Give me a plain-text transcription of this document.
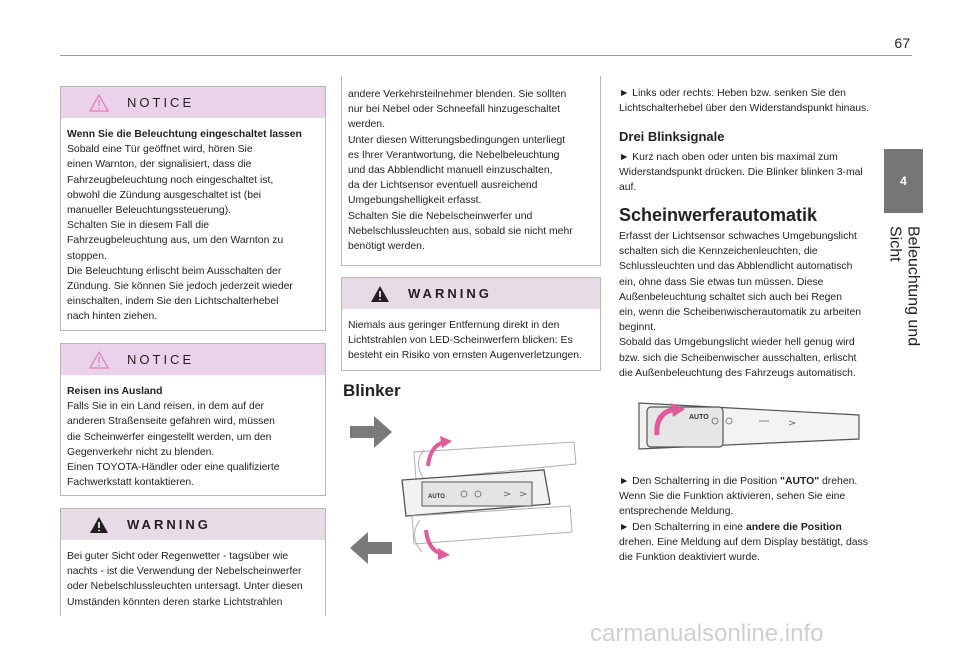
67
4
Beleuchtung und Sicht
NOTICE
Wenn Sie die Beleuchtung eingeschaltet lassen
Sobald eine Tür geöffnet wird, hören Sie
einen Warnton, der signalisiert, dass die
Fahrzeugbeleuchtung noch eingeschaltet ist,
obwohl die Zündung ausgeschaltet ist (bei
manueller Beleuchtungssteuerung).
Schalten Sie in diesem Fall die
Fahrzeugbeleuchtung aus, um den Warnton zu
stoppen.
Die Beleuchtung erlischt beim Ausschalten der
Zündung. Sie können Sie jedoch jederzeit wieder
einschalten, indem Sie den Lichtschalterhebel
nach hinten ziehen.
NOTICE
Reisen ins Ausland
Falls Sie in ein Land reisen, in dem auf der
anderen Straßenseite gefahren wird, müssen
die Scheinwerfer eingestellt werden, um den
Gegenverkehr nicht zu blenden.
Einen TOYOTA-Händler oder eine qualifizierte
Fachwerkstatt kontaktieren.
WARNING
Bei guter Sicht oder Regenwetter - tagsüber wie
nachts - ist die Verwendung der Nebelscheinwerfer
oder Nebelschlussleuchten untersagt. Unter diesen
Umständen könnten deren starke Lichtstrahlen
andere Verkehrsteilnehmer blenden. Sie sollten
nur bei Nebel oder Schneefall hinzugeschaltet
werden.
Unter diesen Witterungsbedingungen unterliegt
es Ihrer Verantwortung, die Nebelbeleuchtung
und das Abblendlicht manuell einzuschalten,
da der Lichtsensor eventuell ausreichend
Umgebungshelligkeit erfasst.
Schalten Sie die Nebelscheinwerfer und
Nebelschlussleuchten aus, sobald sie nicht mehr
benötigt werden.
WARNING
Niemals aus geringer Entfernung direkt in den
Lichtstrahlen von LED-Scheinwerfern blicken: Es
besteht ein Risiko von ernsten Augenverletzungen.
Blinker
AUTO
► Links oder rechts: Heben bzw. senken Sie den
Lichtschalterhebel über den Widerstandspunkt hinaus.
Drei Blinksignale
► Kurz nach oben oder unten bis maximal zum
Widerstandspunkt drücken. Die Blinker blinken 3-mal
auf.
Scheinwerferautomatik
Erfasst der Lichtsensor schwaches Umgebungslicht
schalten sich die Kennzeichenleuchten, die
Schlussleuchten und das Abblendlicht automatisch
ein, ohne dass Sie etwas tun müssen. Diese
Außenbeleuchtung schaltet sich auch bei Regen
ein, wenn die Scheibenwischerautomatik zu arbeiten
beginnt.
Sobald das Umgebungslicht wieder hell genug wird
bzw. sich die Scheibenwischer ausschalten, erlischt
die Außenbeleuchtung des Fahrzeugs automatisch.
AUTO
► Den Schalterring in die Position "AUTO" drehen.
Wenn Sie die Funktion aktivieren, sehen Sie eine
entsprechende Meldung.
► Den Schalterring in eine andere die Position
drehen. Eine Meldung auf dem Display bestätigt, dass
die Funktion deaktiviert wurde.
carmanualsonline.info
